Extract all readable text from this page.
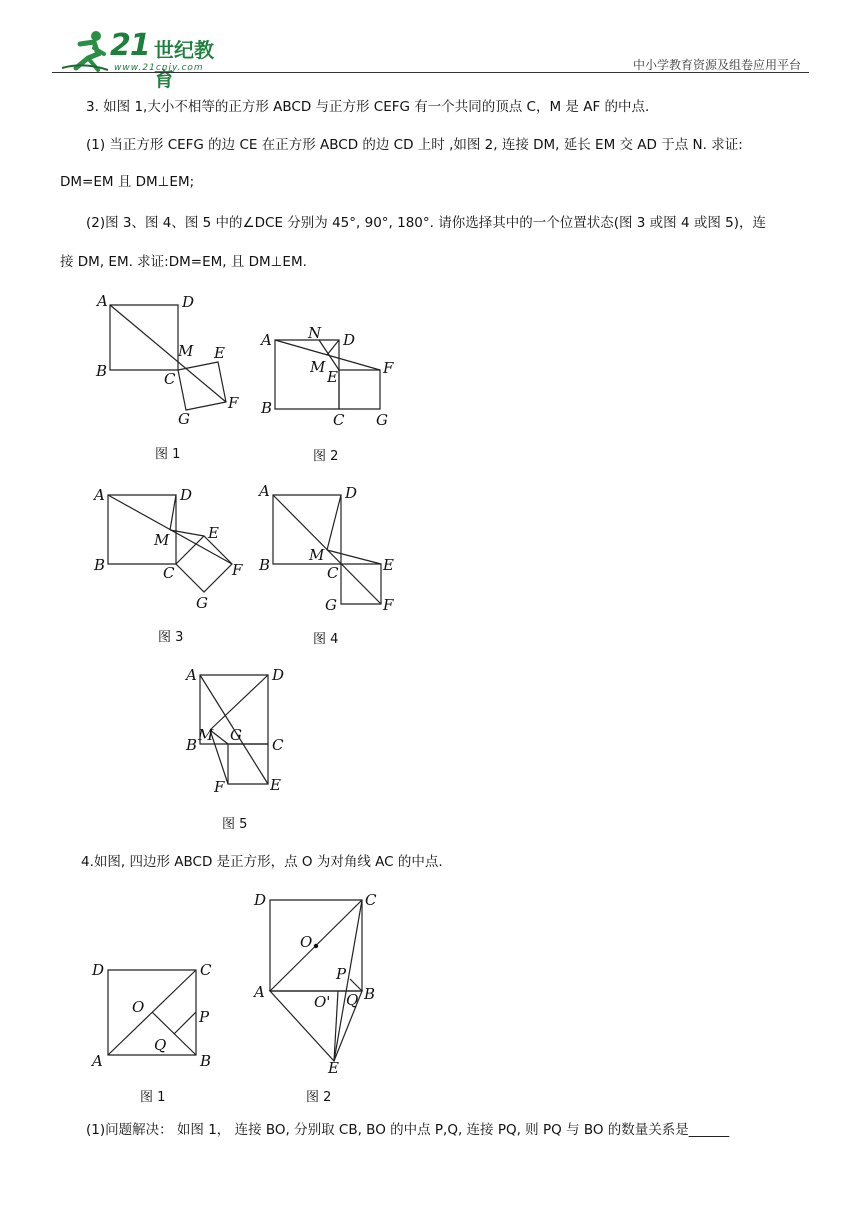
21 世纪教育
www.21cnjy.com	中小学教育资源及组卷应用平台
3. 如图 1,大小不相等的正方形 ABCD 与正方形 CEFG 有一个共同的顶点 C，M 是 AF 的中点.
(1) 当正方形 CEFG 的边 CE 在正方形 ABCD 的边 CD 上时 ,如图 2, 连接 DM, 延长 EM 交 AD 于点 N. 求证:
DM=EM 且 DM⊥EM;
(2)图 3、图 4、图 5 中的∠DCE 分别为 45°, 90°, 180°. 请你选择其中的一个位置状态(图 3 或图 4 或图 5)，连
接 DM, EM. 求证:DM=EM, 且 DM⊥EM.
A	D
M E
B	C
F
G
图 1
N
A	D
M
E	F
B
C G
图 2
A	D
E
M
B	C	F
G
图 3
A	D
M
B	C	E
G	F
图 4
A	D
B
M G
C
F	E
图 5
4.如图, 四边形 ABCD 是正方形，点 O 为对角线 AC 的中点.
D	C
O
P
Q
A	B
图 1
D	C
O
P
A
O' Q B
E
图 2
(1)问题解决： 如图 1， 连接 BO, 分别取 CB, BO 的中点 P,Q, 连接 PQ, 则 PQ 与 BO 的数量关系是______
